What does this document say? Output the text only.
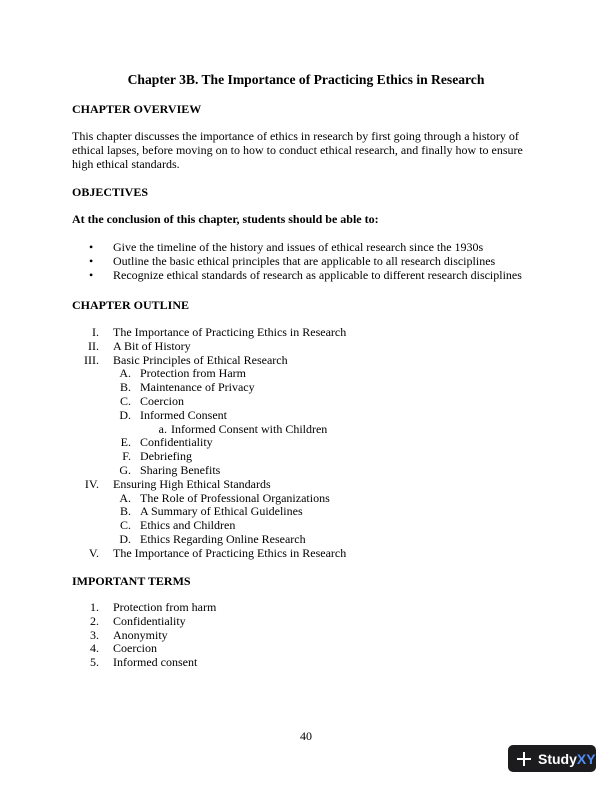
Chapter 3B. The Importance of Practicing Ethics in Research
CHAPTER OVERVIEW
This chapter discusses the importance of ethics in research by first going through a history of
ethical lapses, before moving on to how to conduct ethical research, and finally how to ensure
high ethical standards.
OBJECTIVES
At the conclusion of this chapter, students should be able to:
• Give the timeline of the history and issues of ethical research since the 1930s
• Outline the basic ethical principles that are applicable to all research disciplines
• Recognize ethical standards of research as applicable to different research disciplines
CHAPTER OUTLINE
I. The Importance of Practicing Ethics in Research
II. A Bit of History
III. Basic Principles of Ethical Research
A. Protection from Harm
B. Maintenance of Privacy
C. Coercion
D. Informed Consent
a. Informed Consent with Children
E. Confidentiality
F. Debriefing
G. Sharing Benefits
IV. Ensuring High Ethical Standards
A. The Role of Professional Organizations
B. A Summary of Ethical Guidelines
C. Ethics and Children
D. Ethics Regarding Online Research
V. The Importance of Practicing Ethics in Research
IMPORTANT TERMS
1. Protection from harm
2. Confidentiality
3. Anonymity
4. Coercion
5. Informed consent
40
Study XY
